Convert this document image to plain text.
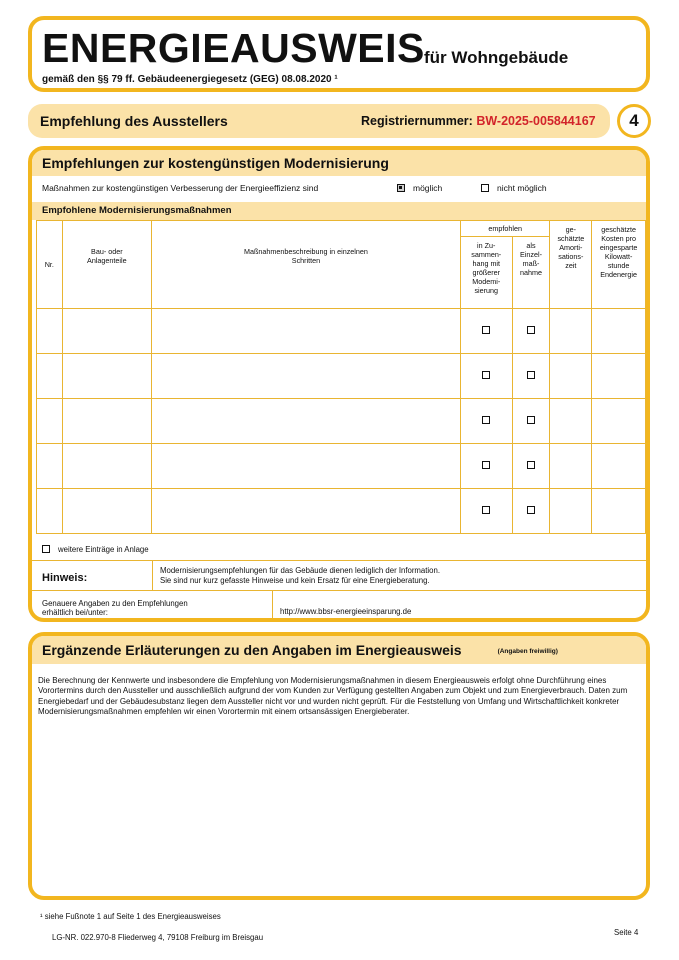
ENERGIEAUSWEIS für Wohngebäude
gemäß den §§ 79 ff. Gebäudeenergiegesetz (GEG) 08.08.2020 ¹
Empfehlung des Ausstellers	Registriernummer: BW-2025-005844167	4
Empfehlungen zur kostengünstigen Modernisierung
Maßnahmen zur kostengünstigen Verbesserung der Energieeffizienz sind	möglich	nicht möglich
Empfohlene Modernisierungsmaßnahmen
Nr.	Bau- oder Anlagenteile	Maßnahmenbeschreibung in einzelnen Schritten	empfohlen		ge-schätzte Amorti-sations-zeit	geschätzte Kosten pro eingesparte Kilowatt-stunde Endenergie
			in Zu-sammen-hang mit größerer Modemi-sierung	als Einzel-maß-nahme		

weitere Einträge in Anlage
Hinweis:
Modernisierungsempfehlungen für das Gebäude dienen lediglich der Information.
Sie sind nur kurz gefasste Hinweise und kein Ersatz für eine Energieberatung.
Genauere Angaben zu den Empfehlungen
erhältlich bei/unter:	http://www.bbsr-energieeinsparung.de
Ergänzende Erläuterungen zu den Angaben im Energieausweis	(Angaben freiwillig)
Die Berechnung der Kennwerte und insbesondere die Empfehlung von Modernisierungsmaßnahmen in diesem Energieausweis erfolgt ohne Durchführung eines Vorortermins durch den Aussteller und ausschließlich aufgrund der vom Kunden zur Verfügung gestellten Angaben zum Objekt und zum Energieverbrauch. Daten zum Energiebedarf und der Gebäudesubstanz liegen dem Aussteller nicht vor und wurden nicht geprüft. Für die Feststellung von Umfang und Wirtschaftlichkeit konkreter Modernisierungsmaßnahmen empfehlen wir einen Vorortermin mit einem ortsansässigen Energieberater.
¹ siehe Fußnote 1 auf Seite 1 des Energieausweises
LG-NR. 022.970-8 Fliederweg 4, 79108 Freiburg im Breisgau
Seite 4
